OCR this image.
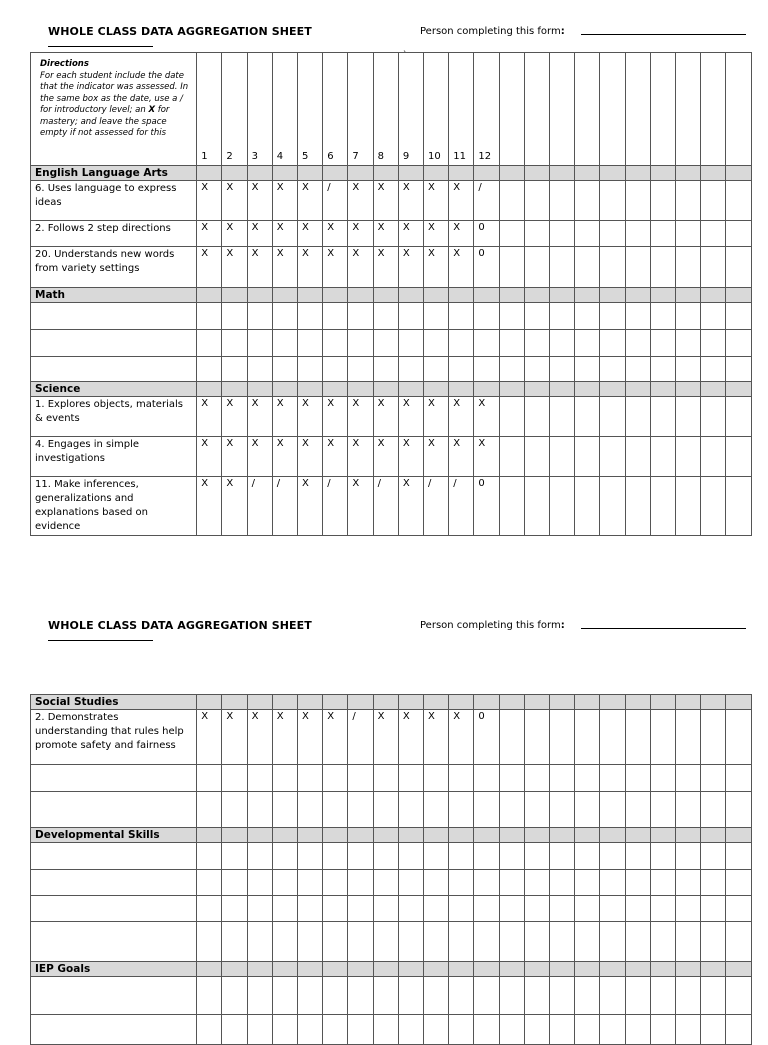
WHOLE CLASS DATA AGGREGATION SHEET	Person completing this form:
Directions
For each student include the date that the indicator was assessed. In the same box as the date, use a / for introductory level; an X for mastery; and leave the space empty if not assessed for this	1	2	3	4	5	6	7	8	9	10	11	12										
English Language Arts																						
6. Uses language to express ideas	X	X	X	X	X	/	X	X	X	X	X	/										
2. Follows 2 step directions	X	X	X	X	X	X	X	X	X	X	X	0										
20. Understands new words from variety settings	X	X	X	X	X	X	X	X	X	X	X	0										
Math																						

Science																						
1. Explores objects, materials & events	X	X	X	X	X	X	X	X	X	X	X	X										
4. Engages in simple investigations	X	X	X	X	X	X	X	X	X	X	X	X										
11. Make inferences, generalizations and explanations based on evidence	X	X	/	/	X	/	X	/	X	/	/	0										
`
WHOLE CLASS DATA AGGREGATION SHEET	Person completing this form:
Social Studies																						
2. Demonstrates understanding that rules help promote safety and fairness	X	X	X	X	X	X	/	X	X	X	X	0										

Developmental Skills																						

IEP Goals																						
